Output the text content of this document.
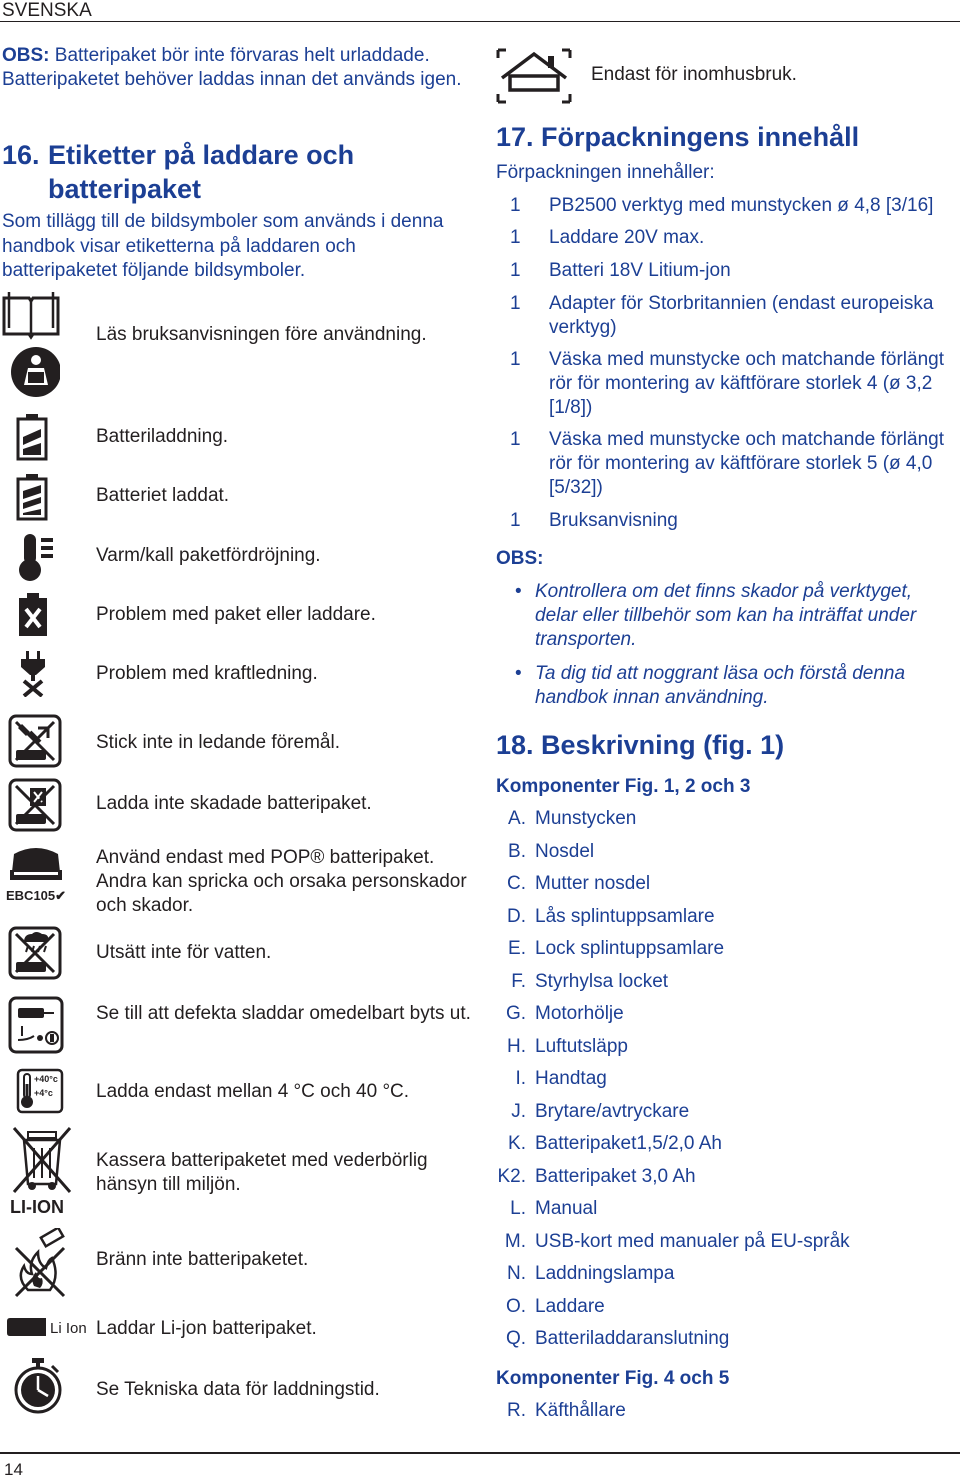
SVENSKA
OBS: Batteripaket bör inte förvaras helt urladdade. Batteripaketet behöver laddas innan det används igen.
16. Etiketter på laddare och batteripaket
Som tillägg till de bildsymboler som används i denna handbok visar etiketterna på laddaren och batteripaketet följande bildsymboler.
Läs bruksanvisningen före användning.
Batteriladdning.
Batteriet laddat.
Varm/kall paketfördröjning.
Problem med paket eller laddare.
Problem med kraftledning.
Stick inte in ledande föremål.
Ladda inte skadade batteripaket.
EBC105✔
Använd endast med POP® batteripaket. Andra kan spricka och orsaka personskador och skador.
Utsätt inte för vatten.
Se till att defekta sladdar omedelbart byts ut.
+40°c
+4°c Ladda endast mellan 4 °C och 40 °C.
LI-ION
Kassera batteripaketet med vederbörlig hänsyn till miljön.
Bränn inte batteripaketet.
Li Ion Laddar Li-jon batteripaket.
Se Tekniska data för laddningstid.
Endast för inomhusbruk.
17. Förpackningens innehåll
Förpackningen innehåller:
1	PB2500 verktyg med munstycken ø 4,8 [3/16]
1	Laddare 20V max.
1	Batteri 18V Litium-jon
1	Adapter för Storbritannien (endast europeiska verktyg)
1	Väska med munstycke och matchande förlängt rör för montering av käftförare storlek 4 (ø 3,2 [1/8])
1	Väska med munstycke och matchande förlängt rör för montering av käftförare storlek 5 (ø 4,0 [5/32])
1	Bruksanvisning
OBS:
• Kontrollera om det finns skador på verktyget, delar eller tillbehör som kan ha inträffat under transporten.
• Ta dig tid att noggrant läsa och förstå denna handbok innan användning.
18. Beskrivning (fig. 1)
Komponenter Fig. 1, 2 och 3
A. Munstycken
B. Nosdel
C. Mutter nosdel
D. Lås splintuppsamlare
E. Lock splintuppsamlare
F. Styrhylsa locket
G. Motorhölje
H. Luftutsläpp
I. Handtag
J. Brytare/avtryckare
K. Batteripaket1,5/2,0 Ah
K2. Batteripaket 3,0 Ah
L. Manual
M. USB-kort med manualer på EU-språk
N. Laddningslampa
O. Laddare
Q. Batteriladdaranslutning
Komponenter Fig. 4 och 5
R. Käfthållare
14
